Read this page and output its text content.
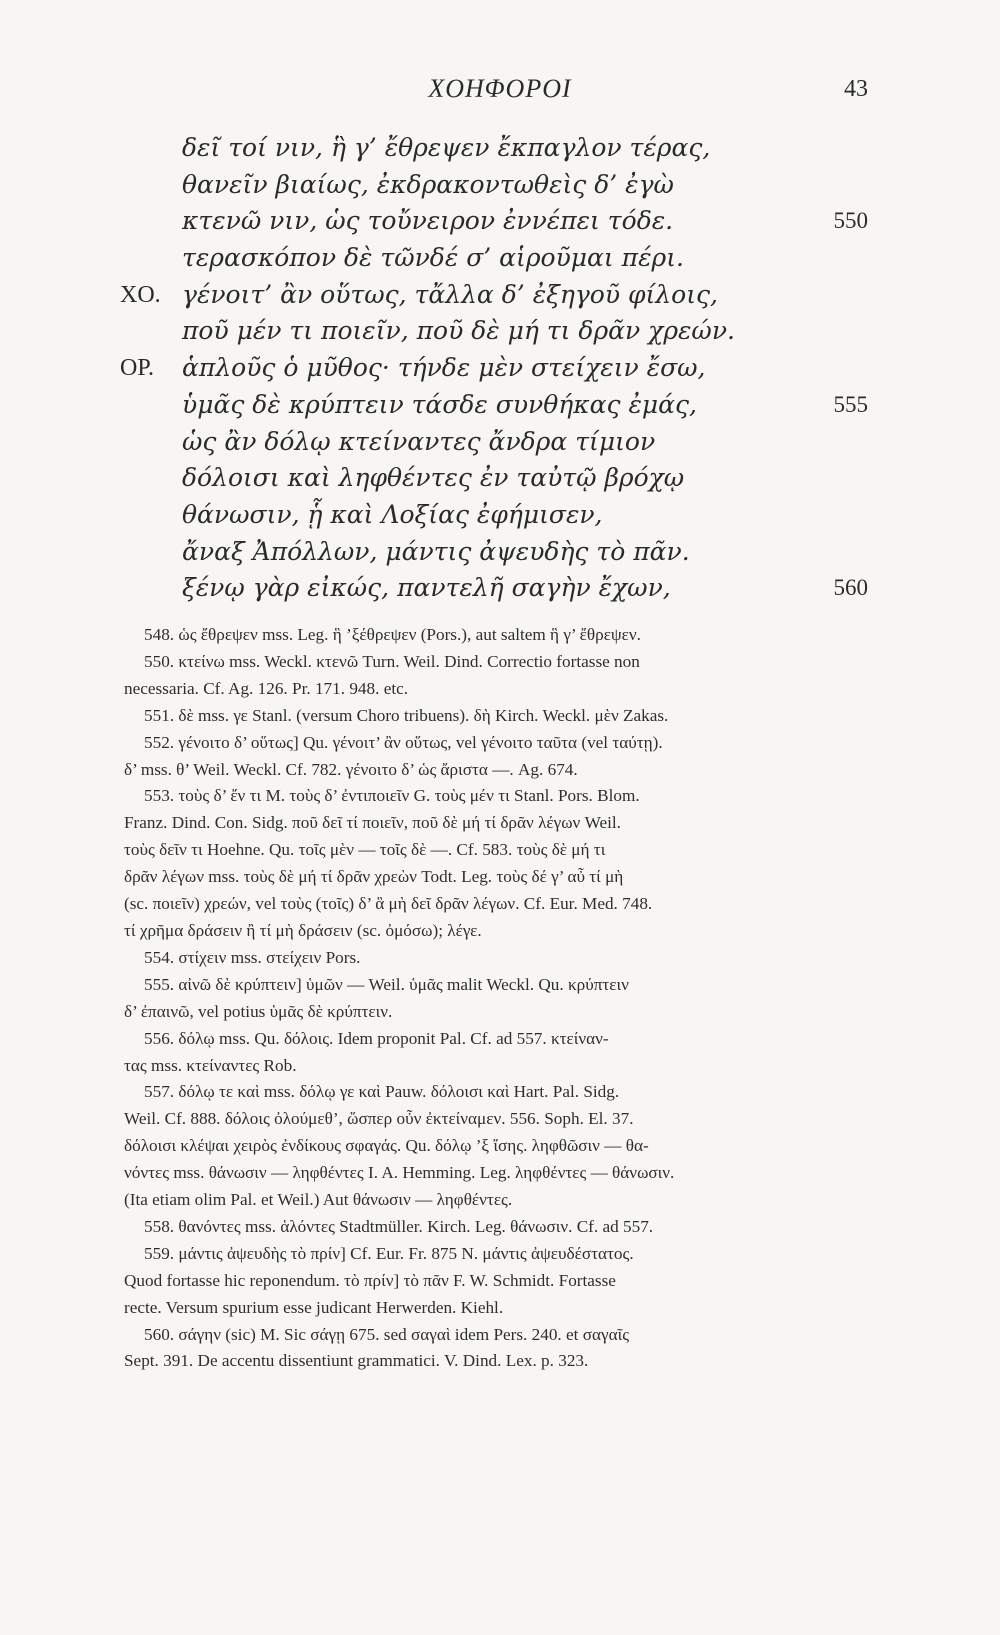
ΧΟΗΦΟΡΟΙ	43
δεῖ τοί νιν, ἣ γ’ ἔθρεψεν ἔκπαγλον τέρας,
θανεῖν βιαίως, ἐκδρακοντωθεὶς δ’ ἐγὼ
κτενῶ νιν, ὡς τοὔνειρον ἐννέπει τόδε.	550
τερασκόπον δὲ τῶνδέ σ’ αἱροῦμαι πέρι.
ΧΟ. γένοιτ’ ἂν οὕτως, τἄλλα δ’ ἐξηγοῦ φίλοις,
ποῦ μέν τι ποιεῖν, ποῦ δὲ μή τι δρᾶν χρεών.
ΟΡ. ἁπλοῦς ὁ μῦθος· τήνδε μὲν στείχειν ἔσω,
ὑμᾶς δὲ κρύπτειν τάσδε συνθήκας ἐμάς,	555
ὡς ἂν δόλῳ κτείναντες ἄνδρα τίμιον
δόλοισι καὶ ληφθέντες ἐν ταὐτῷ βρόχῳ
θάνωσιν, ᾗ καὶ Λοξίας ἐφήμισεν,
ἄναξ Ἀπόλλων, μάντις ἀψευδὴς τὸ πᾶν.
ξένῳ γὰρ εἰκώς, παντελῆ σαγὴν ἔχων,	560
548. ὡς ἔθρεψεν mss. Leg. ἣ ’ξέθρεψεν (Pors.), aut saltem ἣ γ’ ἔθρεψεν.
550. κτείνω mss. Weckl. κτενῶ Turn. Weil. Dind. Correctio fortasse non
necessaria. Cf. Ag. 126. Pr. 171. 948. etc.
551. δὲ mss. γε Stanl. (versum Choro tribuens). δὴ Kirch. Weckl. μὲν Zakas.
552. γένοιτο δ’ οὕτως] Qu. γένοιτ’ ἂν οὕτως, vel γένοιτο ταῦτα (vel ταύτῃ).
δ’ mss. θ’ Weil. Weckl. Cf. 782. γένοιτο δ’ ὡς ἄριστα —. Ag. 674.
553. τοὺς δ’ ἔν τι M. τοὺς δ’ ἐντιποιεῖν G. τοὺς μέν τι Stanl. Pors. Blom.
Franz. Dind. Con. Sidg. ποῦ δεῖ τί ποιεῖν, ποῦ δὲ μή τί δρᾶν λέγων Weil.
τοὺς δεῖν τι Hoehne. Qu. τοῖς μὲν — τοῖς δὲ —. Cf. 583. τοὺς δὲ μή τι
δρᾶν λέγων mss. τοὺς δὲ μή τί δρᾶν χρεὼν Todt. Leg. τοὺς δέ γ’ αὖ τί μὴ
(sc. ποιεῖν) χρεών, vel τοὺς (τοῖς) δ’ ἃ μὴ δεῖ δρᾶν λέγων. Cf. Eur. Med. 748.
τί χρῆμα δράσειν ἢ τί μὴ δράσειν (sc. ὀμόσω); λέγε.
554. στίχειν mss. στείχειν Pors.
555. αἰνῶ δὲ κρύπτειν] ὑμῶν — Weil. ὑμᾶς malit Weckl. Qu. κρύπτειν
δ’ ἐπαινῶ, vel potius ὑμᾶς δὲ κρύπτειν.
556. δόλῳ mss. Qu. δόλοις. Idem proponit Pal. Cf. ad 557. κτείναν-
τας mss. κτείναντες Rob.
557. δόλῳ τε καὶ mss. δόλῳ γε καὶ Pauw. δόλοισι καὶ Hart. Pal. Sidg.
Weil. Cf. 888. δόλοις ὀλούμεθ’, ὥσπερ οὖν ἐκτείναμεν. 556. Soph. El. 37.
δόλοισι κλέψαι χειρὸς ἐνδίκους σφαγάς. Qu. δόλῳ ’ξ ἴσης. ληφθῶσιν — θα-
νόντες mss. θάνωσιν — ληφθέντες I. A. Hemming. Leg. ληφθέντες — θάνωσιν.
(Ita etiam olim Pal. et Weil.) Aut θάνωσιν — ληφθέντες.
558. θανόντες mss. ἁλόντες Stadtmüller. Kirch. Leg. θάνωσιν. Cf. ad 557.
559. μάντις ἀψευδὴς τὸ πρίν] Cf. Eur. Fr. 875 N. μάντις ἀψευδέστατος.
Quod fortasse hic reponendum. τὸ πρίν] τὸ πᾶν F. W. Schmidt. Fortasse
recte. Versum spurium esse judicant Herwerden. Kiehl.
560. σάγην (sic) M. Sic σάγῃ 675. sed σαγαὶ idem Pers. 240. et σαγαῖς
Sept. 391. De accentu dissentiunt grammatici. V. Dind. Lex. p. 323.
